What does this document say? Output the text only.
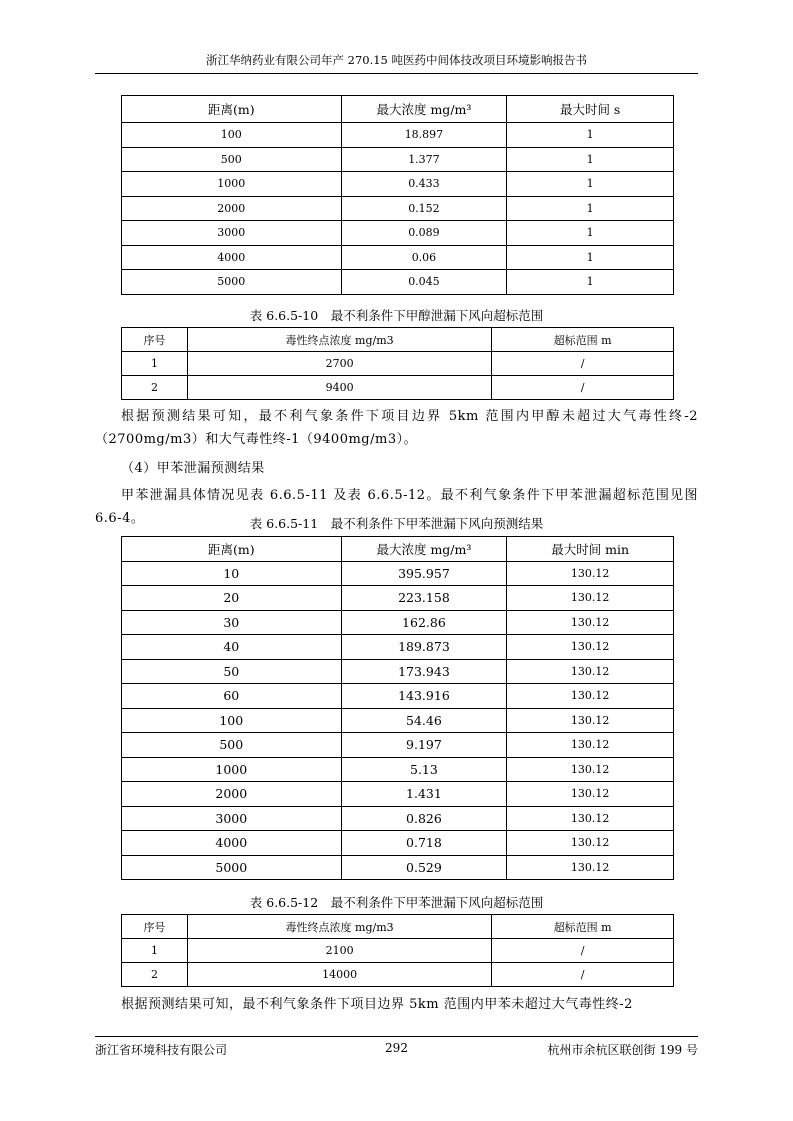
浙江华纳药业有限公司年产 270.15 吨医药中间体技改项目环境影响报告书
距离(m)	最大浓度 mg/m³	最大时间 s
100	18.897	1
500	1.377	1
1000	0.433	1
2000	0.152	1
3000	0.089	1
4000	0.06	1
5000	0.045	1
表 6.6.5-10　最不利条件下甲醇泄漏下风向超标范围
序号	毒性终点浓度 mg/m3	超标范围 m
1	2700	/
2	9400	/
根据预测结果可知，最不利气象条件下项目边界 5km 范围内甲醇未超过大气毒性终-2（2700mg/m3）和大气毒性终-1（9400mg/m3）。
（4）甲苯泄漏预测结果
甲苯泄漏具体情况见表 6.6.5-11 及表 6.6.5-12。最不利气象条件下甲苯泄漏超标范围见图 6.6-4。	表 6.6.5-11　最不利条件下甲苯泄漏下风向预测结果
距离(m)	最大浓度 mg/m³	最大时间 min
10	395.957	130.12
20	223.158	130.12
30	162.86	130.12
40	189.873	130.12
50	173.943	130.12
60	143.916	130.12
100	54.46	130.12
500	9.197	130.12
1000	5.13	130.12
2000	1.431	130.12
3000	0.826	130.12
4000	0.718	130.12
5000	0.529	130.12
表 6.6.5-12　最不利条件下甲苯泄漏下风向超标范围
序号	毒性终点浓度 mg/m3	超标范围 m
1	2100	/
2	14000	/
根据预测结果可知，最不利气象条件下项目边界 5km 范围内甲苯未超过大气毒性终-2
浙江省环境科技有限公司	292	杭州市余杭区联创街 199 号
